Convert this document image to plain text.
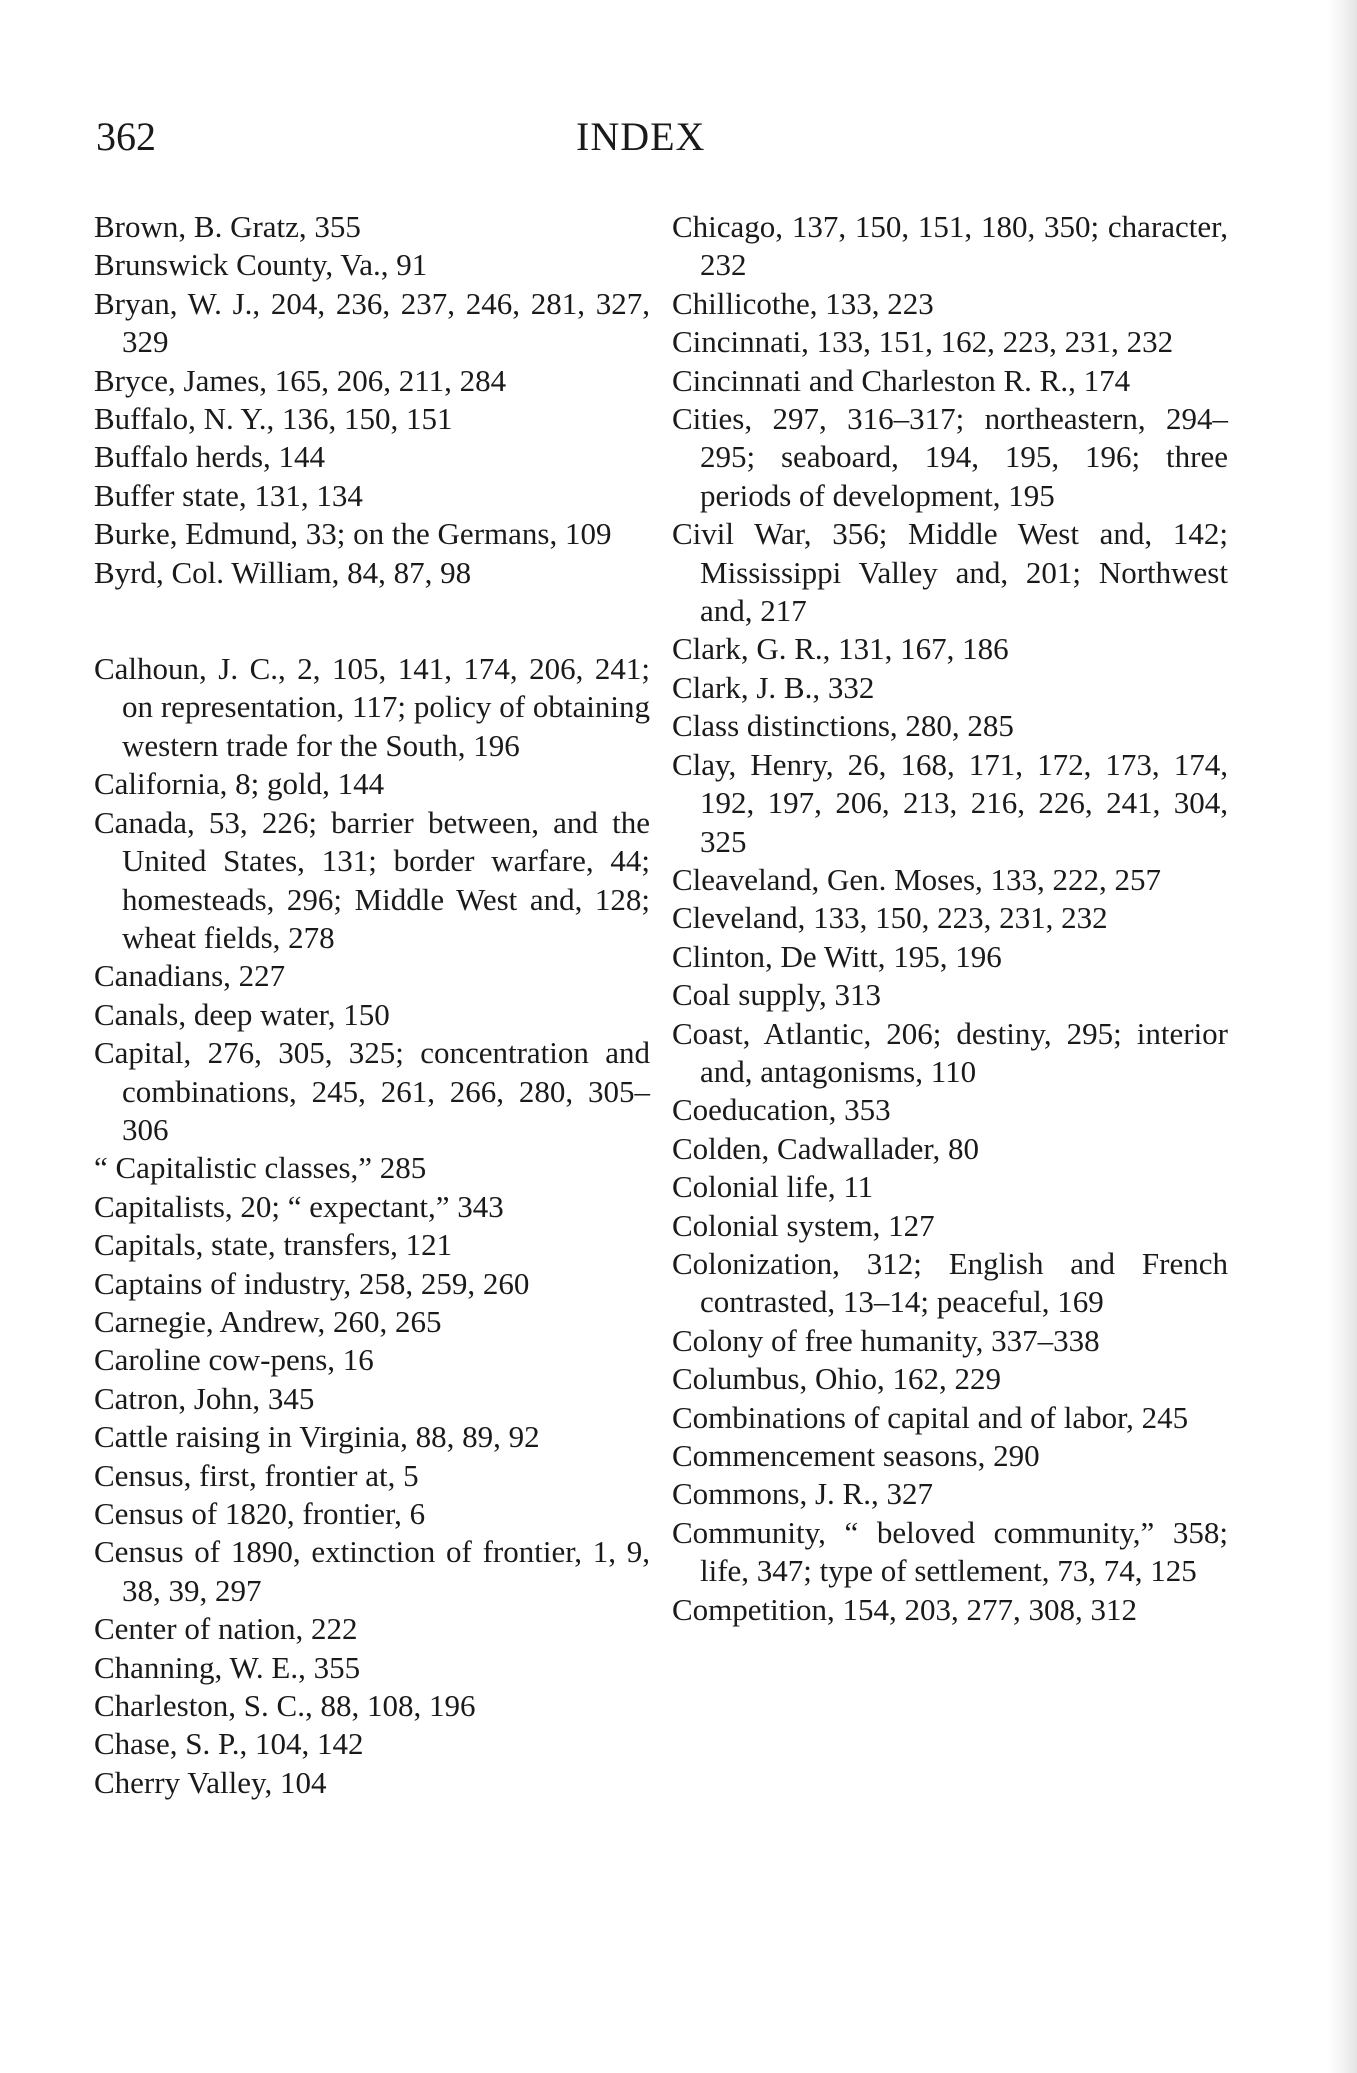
362	INDEX

Brown, B. Gratz, 355

Brunswick County, Va., 91

Bryan, W. J., 204, 236, 237, 246, 281, 327, 329

Bryce, James, 165, 206, 211, 284

Buffalo, N. Y., 136, 150, 151

Buffalo herds, 144

Buffer state, 131, 134

Burke, Edmund, 33; on the Germans, 109

Byrd, Col. William, 84, 87, 98

Calhoun, J. C., 2, 105, 141, 174, 206, 241; on representation, 117; policy of obtaining western trade for the South, 196

California, 8; gold, 144

Canada, 53, 226; barrier between, and the United States, 131; border warfare, 44; homesteads, 296; Middle West and, 128; wheat fields, 278

Canadians, 227

Canals, deep water, 150

Capital, 276, 305, 325; concentration and combinations, 245, 261, 266, 280, 305–306

“ Capitalistic classes,” 285

Capitalists, 20; “ expectant,” 343

Capitals, state, transfers, 121

Captains of industry, 258, 259, 260

Carnegie, Andrew, 260, 265

Caroline cow-pens, 16

Catron, John, 345

Cattle raising in Virginia, 88, 89, 92

Census, first, frontier at, 5

Census of 1820, frontier, 6

Census of 1890, extinction of frontier, 1, 9, 38, 39, 297

Center of nation, 222

Channing, W. E., 355

Charleston, S. C., 88, 108, 196

Chase, S. P., 104, 142

Cherry Valley, 104

Chicago, 137, 150, 151, 180, 350; character, 232

Chillicothe, 133, 223

Cincinnati, 133, 151, 162, 223, 231, 232

Cincinnati and Charleston R. R., 174

Cities, 297, 316–317; northeastern, 294–295; seaboard, 194, 195, 196; three periods of development, 195

Civil War, 356; Middle West and, 142; Mississippi Valley and, 201; Northwest and, 217

Clark, G. R., 131, 167, 186

Clark, J. B., 332

Class distinctions, 280, 285

Clay, Henry, 26, 168, 171, 172, 173, 174, 192, 197, 206, 213, 216, 226, 241, 304, 325

Cleaveland, Gen. Moses, 133, 222, 257

Cleveland, 133, 150, 223, 231, 232

Clinton, De Witt, 195, 196

Coal supply, 313

Coast, Atlantic, 206; destiny, 295; interior and, antagonisms, 110

Coeducation, 353

Colden, Cadwallader, 80

Colonial life, 11

Colonial system, 127

Colonization, 312; English and French contrasted, 13–14; peaceful, 169

Colony of free humanity, 337–338

Columbus, Ohio, 162, 229

Combinations of capital and of labor, 245

Commencement seasons, 290

Commons, J. R., 327

Community, “ beloved community,” 358; life, 347; type of settlement, 73, 74, 125

Competition, 154, 203, 277, 308, 312
